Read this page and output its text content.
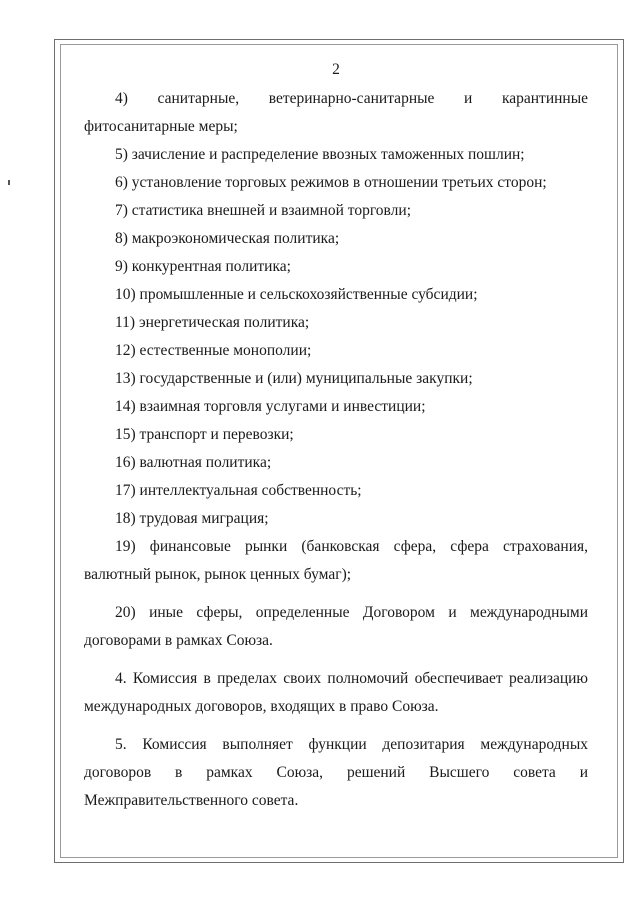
2

4) санитарные, ветеринарно-санитарные и карантинные фитосанитарные меры;

5) зачисление и распределение ввозных таможенных пошлин;

6) установление торговых режимов в отношении третьих сторон;

7) статистика внешней и взаимной торговли;

8) макроэкономическая политика;

9) конкурентная политика;

10) промышленные и сельскохозяйственные субсидии;

11) энергетическая политика;

12) естественные монополии;

13) государственные и (или) муниципальные закупки;

14) взаимная торговля услугами и инвестиции;

15) транспорт и перевозки;

16) валютная политика;

17) интеллектуальная собственность;

18) трудовая миграция;

19) финансовые рынки (банковская сфера, сфера страхования, валютный рынок, рынок ценных бумаг);

20) иные сферы, определенные Договором и международными договорами в рамках Союза.

4. Комиссия в пределах своих полномочий обеспечивает реализацию международных договоров, входящих в право Союза.

5. Комиссия выполняет функции депозитария международных договоров в рамках Союза, решений Высшего совета и Межправительственного совета.
